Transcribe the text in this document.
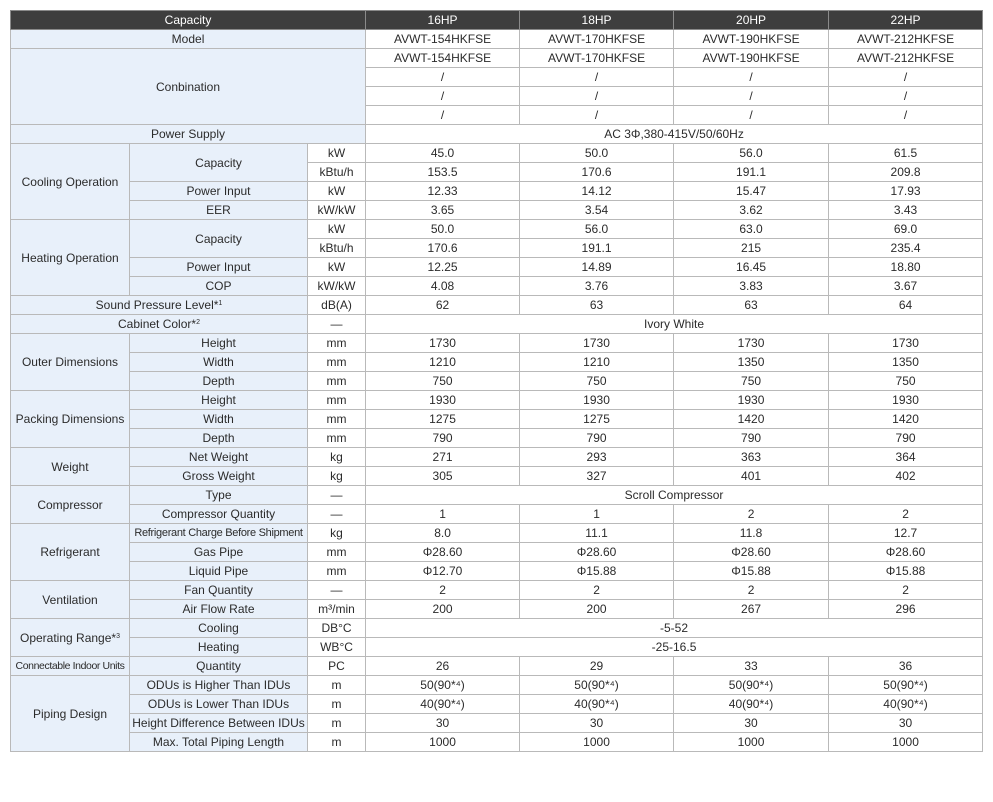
Capacity			16HP	18HP	20HP	22HP
Model			AVWT-154HKFSE	AVWT-170HKFSE	AVWT-190HKFSE	AVWT-212HKFSE
Conbination			AVWT-154HKFSE	AVWT-170HKFSE	AVWT-190HKFSE	AVWT-212HKFSE
			/	/	/	/
			/	/	/	/
			/	/	/	/
Power Supply			AC 3Φ,380-415V/50/60Hz			
Cooling Operation	Capacity	kW	45.0	50.0	56.0	61.5
		kBtu/h	153.5	170.6	191.1	209.8
	Power Input	kW	12.33	14.12	15.47	17.93
	EER	kW/kW	3.65	3.54	3.62	3.43
Heating Operation	Capacity	kW	50.0	56.0	63.0	69.0
		kBtu/h	170.6	191.1	215	235.4
	Power Input	kW	12.25	14.89	16.45	18.80
	COP	kW/kW	4.08	3.76	3.83	3.67
Sound Pressure Level*$^1$		dB(A)	62	63	63	64
Cabinet Color*$^2$		—	Ivory White			
Outer Dimensions	Height	mm	1730	1730	1730	1730
	Width	mm	1210	1210	1350	1350
	Depth	mm	750	750	750	750
Packing Dimensions	Height	mm	1930	1930	1930	1930
	Width	mm	1275	1275	1420	1420
	Depth	mm	790	790	790	790
Weight	Net Weight	kg	271	293	363	364
	Gross Weight	kg	305	327	401	402
Compressor	Type	—	Scroll Compressor			
	Compressor Quantity	—	1	1	2	2
Refrigerant	Refrigerant Charge Before Shipment	kg	8.0	11.1	11.8	12.7
	Gas Pipe	mm	Φ28.60	Φ28.60	Φ28.60	Φ28.60
	Liquid Pipe	mm	Φ12.70	Φ15.88	Φ15.88	Φ15.88
Ventilation	Fan Quantity	—	2	2	2	2
	Air Flow Rate	m³/min	200	200	267	296
Operating Range*$^3$	Cooling	DB°C	-5-52			
	Heating	WB°C	-25-16.5			
Connectable Indoor Units	Quantity	PC	26	29	33	36
Piping Design	ODUs is Higher Than IDUs	m	50(90*⁴)	50(90*⁴)	50(90*⁴)	50(90*⁴)
	ODUs is Lower Than IDUs	m	40(90*⁴)	40(90*⁴)	40(90*⁴)	40(90*⁴)
	Height Difference Between IDUs	m	30	30	30	30
	Max. Total Piping Length	m	1000	1000	1000	1000
